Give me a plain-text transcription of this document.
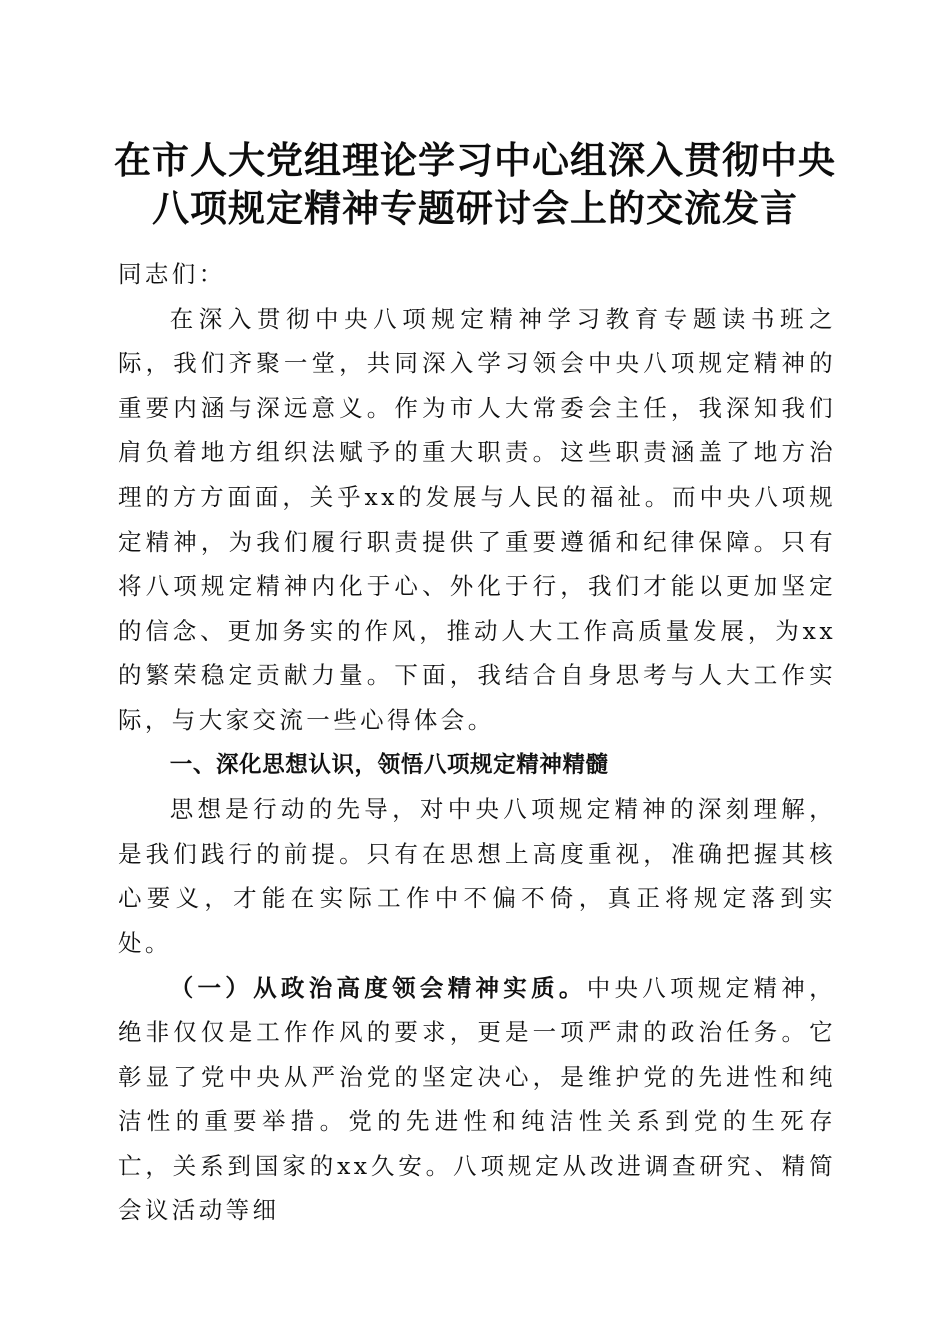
在市人大党组理论学习中心组深入贯彻中央八项规定精神专题研讨会上的交流发言

同志们：

在深入贯彻中央八项规定精神学习教育专题读书班之际，我们齐聚一堂，共同深入学习领会中央八项规定精神的重要内涵与深远意义。作为市人大常委会主任，我深知我们肩负着地方组织法赋予的重大职责。这些职责涵盖了地方治理的方方面面，关乎xx的发展与人民的福祉。而中央八项规定精神，为我们履行职责提供了重要遵循和纪律保障。只有将八项规定精神内化于心、外化于行，我们才能以更加坚定的信念、更加务实的作风，推动人大工作高质量发展，为xx的繁荣稳定贡献力量。下面，我结合自身思考与人大工作实际，与大家交流一些心得体会。

一、深化思想认识，领悟八项规定精神精髓

思想是行动的先导，对中央八项规定精神的深刻理解，是我们践行的前提。只有在思想上高度重视，准确把握其核心要义，才能在实际工作中不偏不倚，真正将规定落到实处。

（一）从政治高度领会精神实质。中央八项规定精神，绝非仅仅是工作作风的要求，更是一项严肃的政治任务。它彰显了党中央从严治党的坚定决心，是维护党的先进性和纯洁性的重要举措。党的先进性和纯洁性关系到党的生死存亡，关系到国家的xx久安。八项规定从改进调查研究、精简会议活动等细
